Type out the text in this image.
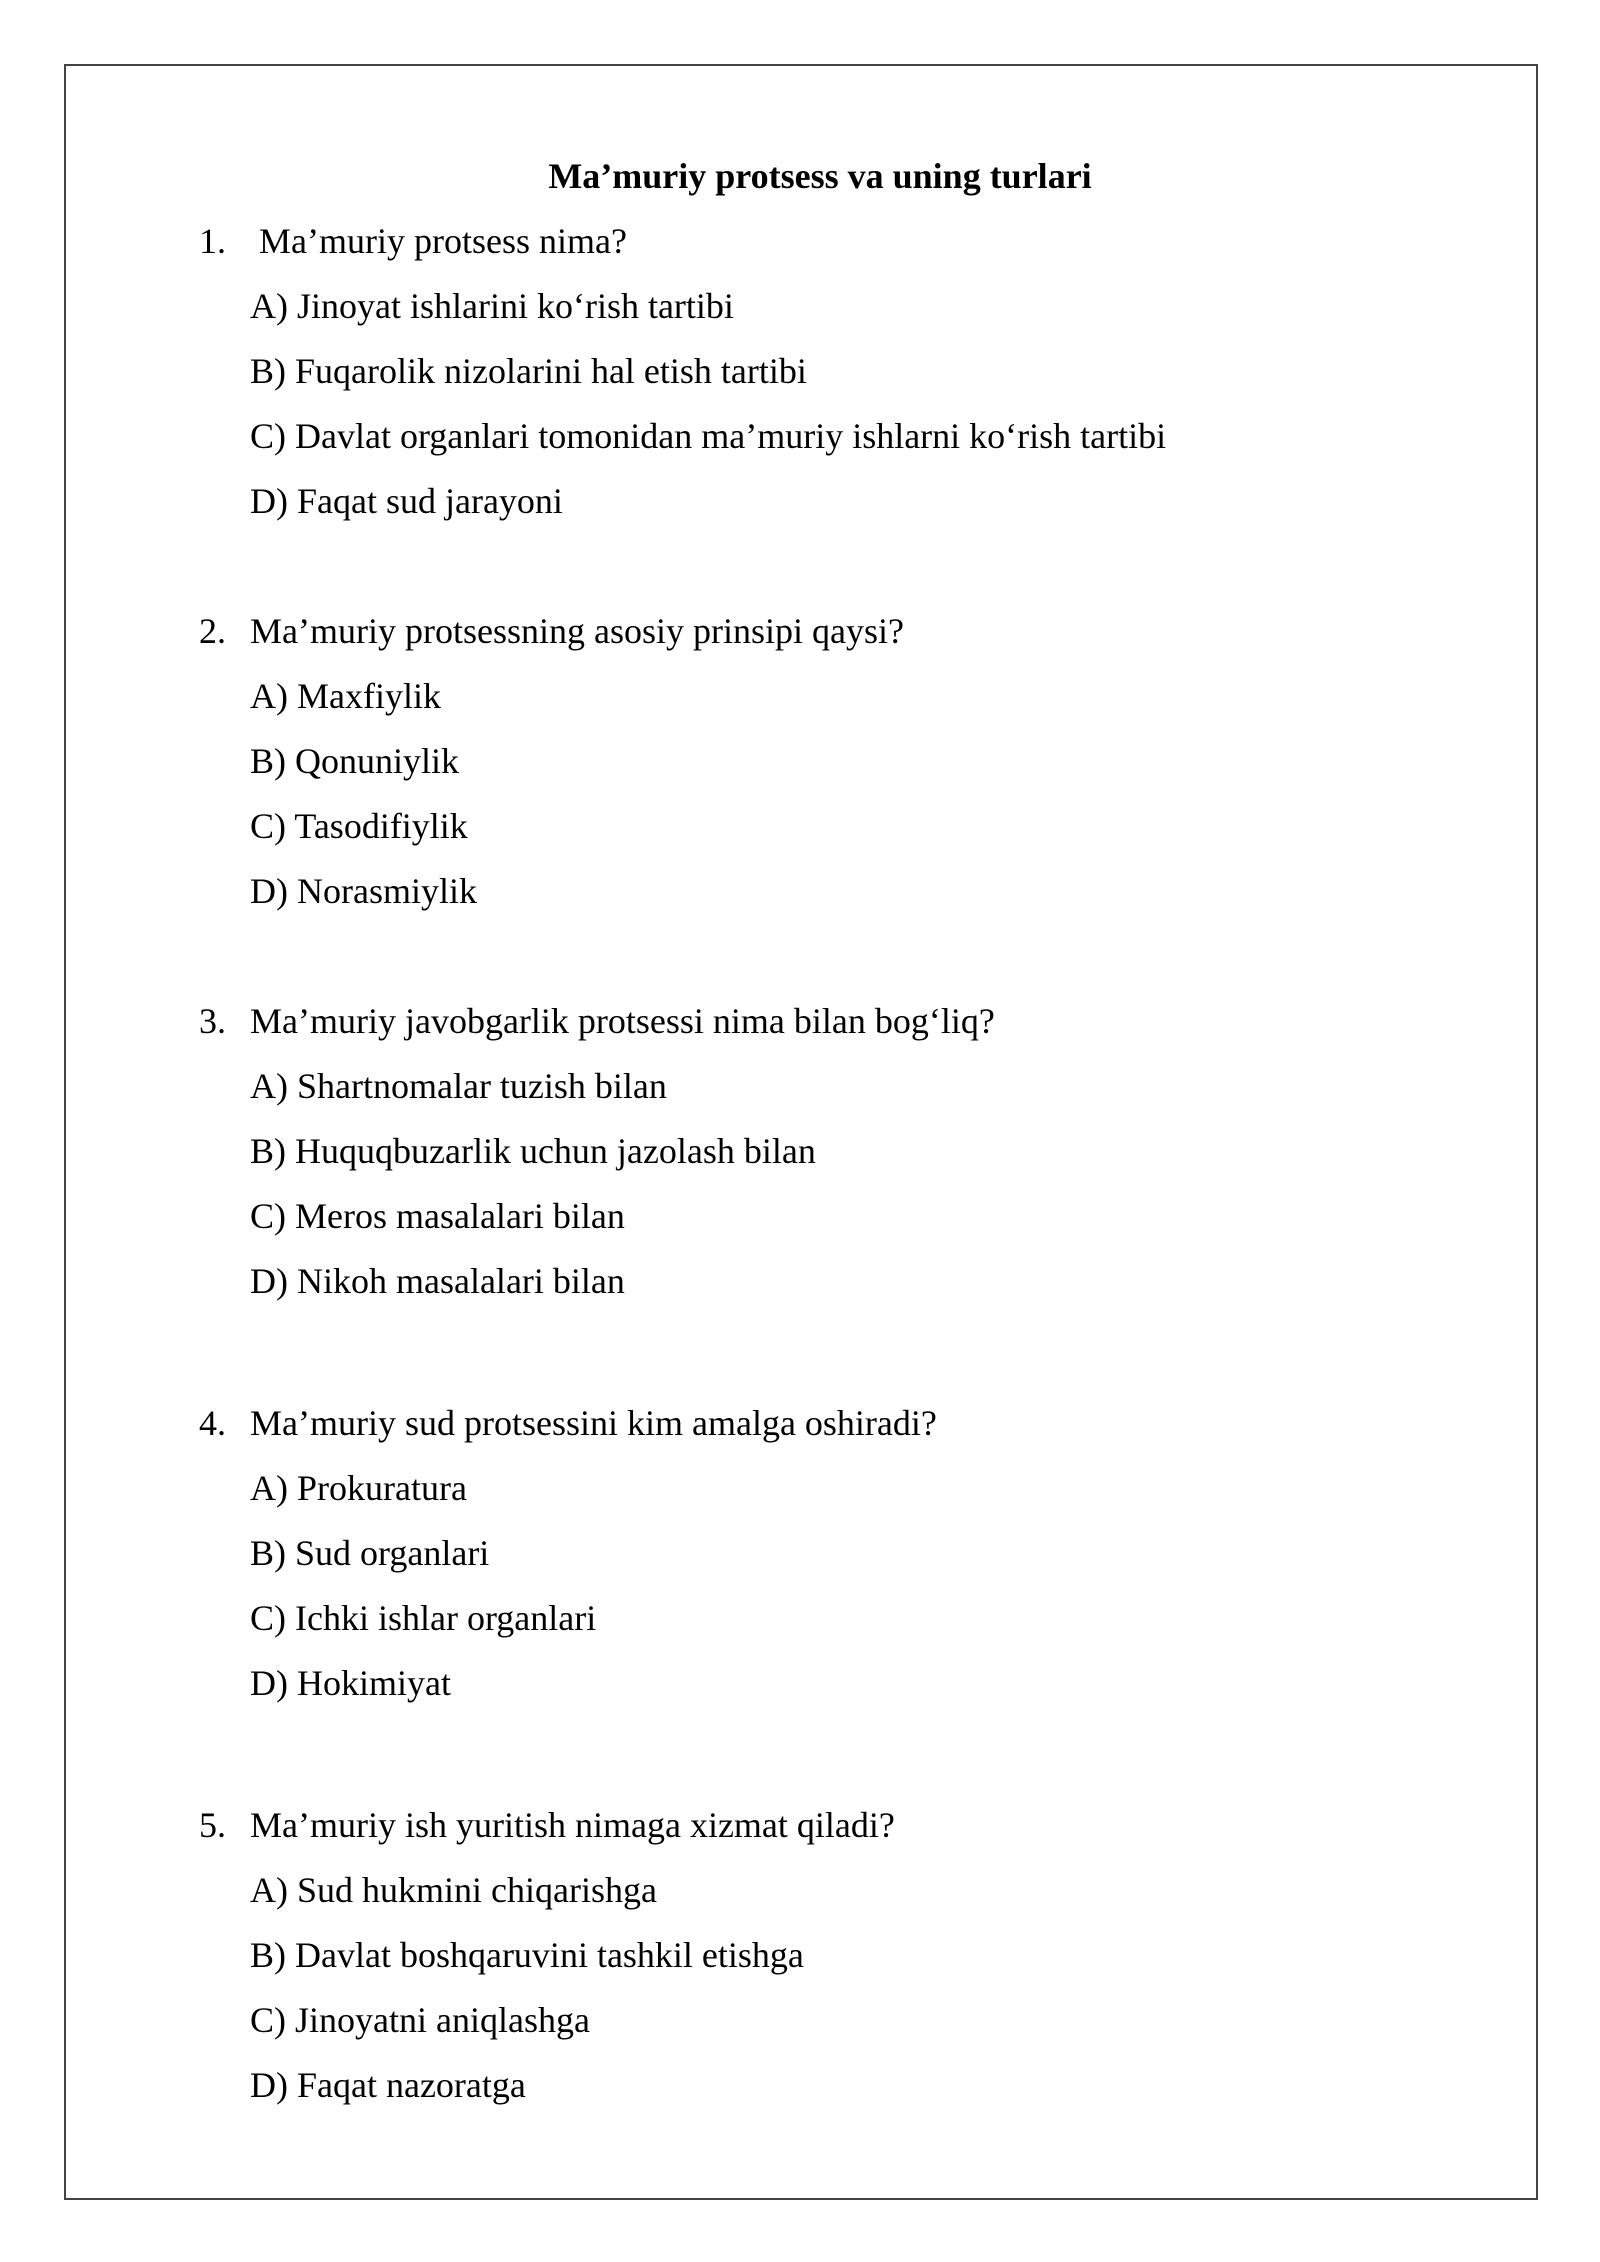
Ma’muriy protsess va uning turlari
1. Ma’muriy protsess nima?
A) Jinoyat ishlarini ko‘rish tartibi
B) Fuqarolik nizolarini hal etish tartibi
C) Davlat organlari tomonidan ma’muriy ishlarni ko‘rish tartibi
D) Faqat sud jarayoni
2. Ma’muriy protsessning asosiy prinsipi qaysi?
A) Maxfiylik
B) Qonuniylik
C) Tasodifiylik
D) Norasmiylik
3. Ma’muriy javobgarlik protsessi nima bilan bog‘liq?
A) Shartnomalar tuzish bilan
B) Huquqbuzarlik uchun jazolash bilan
C) Meros masalalari bilan
D) Nikoh masalalari bilan
4. Ma’muriy sud protsessini kim amalga oshiradi?
A) Prokuratura
B) Sud organlari
C) Ichki ishlar organlari
D) Hokimiyat
5. Ma’muriy ish yuritish nimaga xizmat qiladi?
A) Sud hukmini chiqarishga
B) Davlat boshqaruvini tashkil etishga
C) Jinoyatni aniqlashga
D) Faqat nazoratga
